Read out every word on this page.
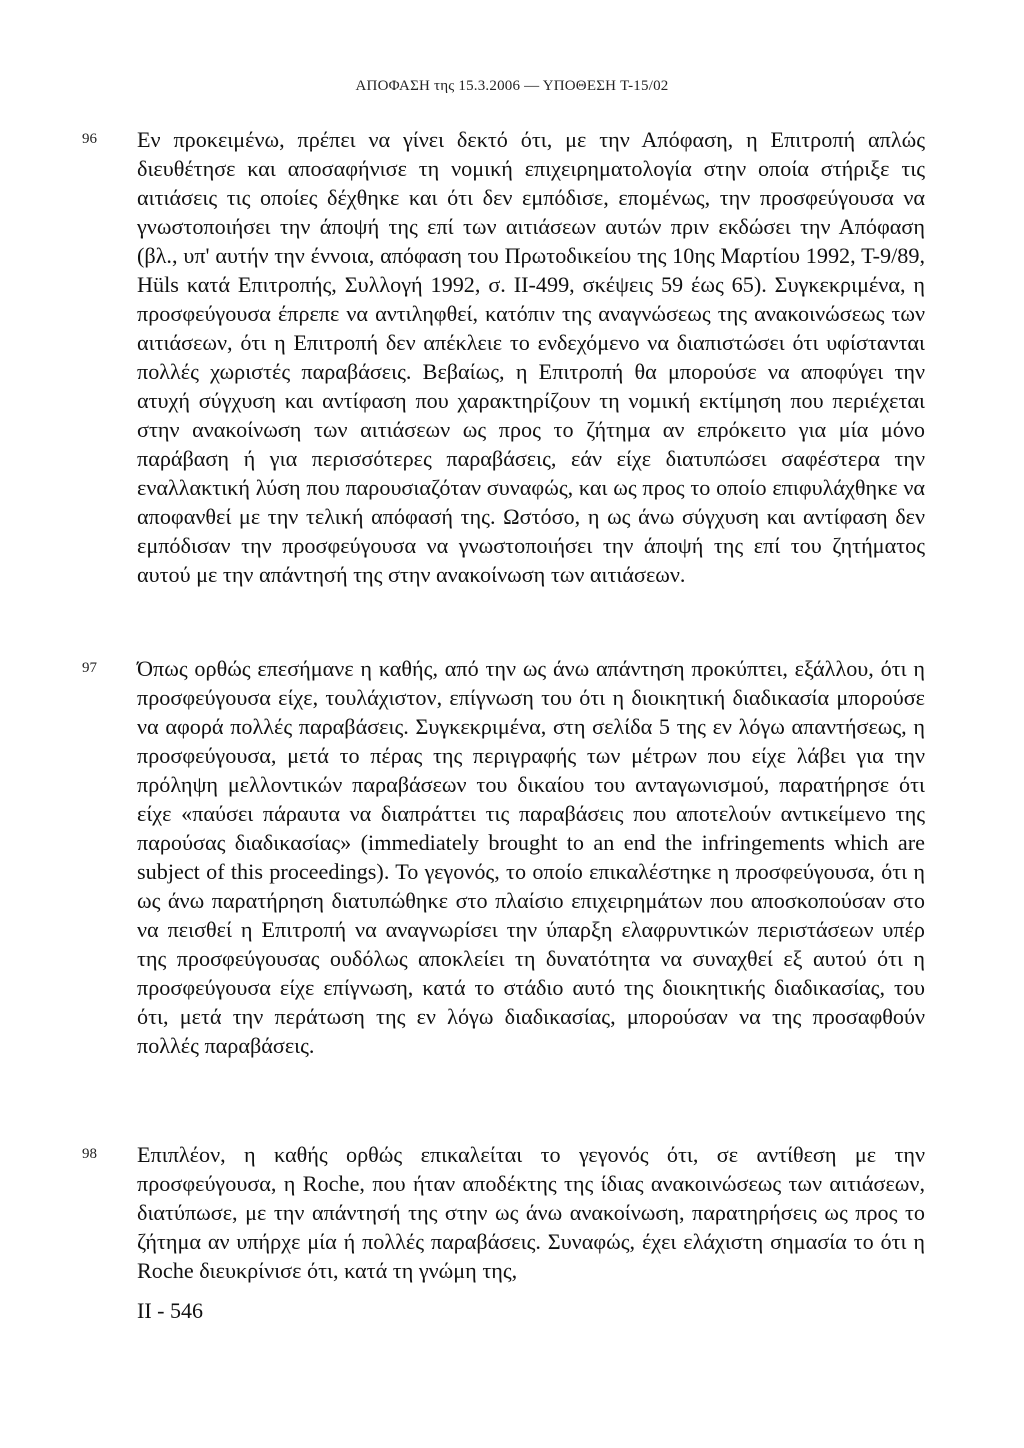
ΑΠΟΦΑΣΗ της 15.3.2006 — ΥΠΟΘΕΣΗ T-15/02
96 Εν προκειμένω, πρέπει να γίνει δεκτό ότι, με την Απόφαση, η Επιτροπή απλώς διευθέτησε και αποσαφήνισε τη νομική επιχειρηματολογία στην οποία στήριξε τις αιτιάσεις τις οποίες δέχθηκε και ότι δεν εμπόδισε, επομένως, την προσφεύγουσα να γνωστοποιήσει την άποψή της επί των αιτιάσεων αυτών πριν εκδώσει την Απόφαση (βλ., υπ' αυτήν την έννοια, απόφαση του Πρωτοδικείου της 10ης Μαρτίου 1992, Τ-9/89, Hüls κατά Επιτροπής, Συλλογή 1992, σ. ΙΙ-499, σκέψεις 59 έως 65). Συγκεκριμένα, η προσφεύγουσα έπρεπε να αντιληφθεί, κατόπιν της αναγνώσεως της ανακοινώσεως των αιτιάσεων, ότι η Επιτροπή δεν απέκλειε το ενδεχόμενο να διαπιστώσει ότι υφίστανται πολλές χωριστές παραβάσεις. Βεβαίως, η Επιτροπή θα μπορούσε να αποφύγει την ατυχή σύγχυση και αντίφαση που χαρακτηρίζουν τη νομική εκτίμηση που περιέχεται στην ανακοίνωση των αιτιάσεων ως προς το ζήτημα αν επρόκειτο για μία μόνο παράβαση ή για περισσότερες παραβάσεις, εάν είχε διατυπώσει σαφέστερα την εναλλακτική λύση που παρουσιαζόταν συναφώς, και ως προς το οποίο επιφυλάχθηκε να αποφανθεί με την τελική απόφασή της. Ωστόσο, η ως άνω σύγχυση και αντίφαση δεν εμπόδισαν την προσφεύγουσα να γνωστοποιήσει την άποψή της επί του ζητήματος αυτού με την απάντησή της στην ανακοίνωση των αιτιάσεων.

97 Όπως ορθώς επεσήμανε η καθής, από την ως άνω απάντηση προκύπτει, εξάλλου, ότι η προσφεύγουσα είχε, τουλάχιστον, επίγνωση του ότι η διοικητική διαδικασία μπορούσε να αφορά πολλές παραβάσεις. Συγκεκριμένα, στη σελίδα 5 της εν λόγω απαντήσεως, η προσφεύγουσα, μετά το πέρας της περιγραφής των μέτρων που είχε λάβει για την πρόληψη μελλοντικών παραβάσεων του δικαίου του ανταγωνισμού, παρατήρησε ότι είχε «παύσει πάραυτα να διαπράττει τις παραβάσεις που αποτελούν αντικείμενο της παρούσας διαδικασίας» (immediately brought to an end the infringements which are subject of this proceedings). Το γεγονός, το οποίο επικαλέστηκε η προσφεύγουσα, ότι η ως άνω παρατήρηση διατυπώθηκε στο πλαίσιο επιχειρημάτων που αποσκοπούσαν στο να πεισθεί η Επιτροπή να αναγνωρίσει την ύπαρξη ελαφρυντικών περιστάσεων υπέρ της προσφεύγουσας ουδόλως αποκλείει τη δυνατότητα να συναχθεί εξ αυτού ότι η προσφεύγουσα είχε επίγνωση, κατά το στάδιο αυτό της διοικητικής διαδικασίας, του ότι, μετά την περάτωση της εν λόγω διαδικασίας, μπορούσαν να της προσαφθούν πολλές παραβάσεις.

98 Επιπλέον, η καθής ορθώς επικαλείται το γεγονός ότι, σε αντίθεση με την προσφεύγουσα, η Roche, που ήταν αποδέκτης της ίδιας ανακοινώσεως των αιτιάσεων, διατύπωσε, με την απάντησή της στην ως άνω ανακοίνωση, παρατηρήσεις ως προς το ζήτημα αν υπήρχε μία ή πολλές παραβάσεις. Συναφώς, έχει ελάχιστη σημασία το ότι η Roche διευκρίνισε ότι, κατά τη γνώμη της,

II - 546
